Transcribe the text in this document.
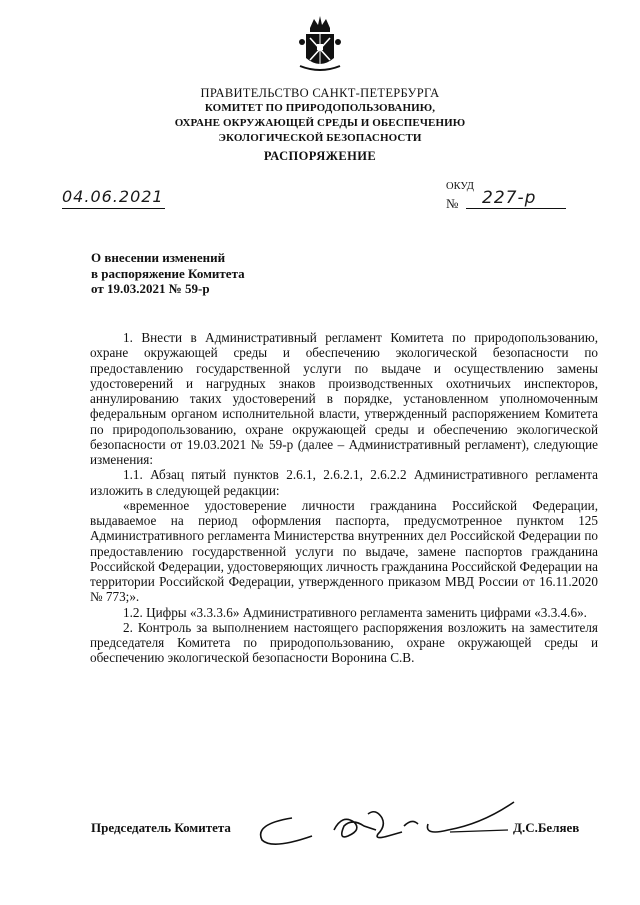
ПРАВИТЕЛЬСТВО САНКТ-ПЕТЕРБУРГА
КОМИТЕТ ПО ПРИРОДОПОЛЬЗОВАНИЮ,
ОХРАНЕ ОКРУЖАЮЩЕЙ СРЕДЫ И ОБЕСПЕЧЕНИЮ
ЭКОЛОГИЧЕСКОЙ БЕЗОПАСНОСТИ
РАСПОРЯЖЕНИЕ
04.06.2021
ОКУД
№ 227-р
О внесении изменений
в распоряжение Комитета
от 19.03.2021 № 59-р

1. Внести в Административный регламент Комитета по природопользованию, охране окружающей среды и обеспечению экологической безопасности по предоставлению государственной услуги по выдаче и осуществлению замены удостоверений и нагрудных знаков производственных охотничьих инспекторов, аннулированию таких удостоверений в порядке, установленном уполномоченным федеральным органом исполнительной власти, утвержденный распоряжением Комитета по природопользованию, охране окружающей среды и обеспечению экологической безопасности от 19.03.2021 № 59-р (далее – Административный регламент), следующие изменения:

1.1. Абзац пятый пунктов 2.6.1, 2.6.2.1, 2.6.2.2 Административного регламента изложить в следующей редакции:

«временное удостоверение личности гражданина Российской Федерации, выдаваемое на период оформления паспорта, предусмотренное пунктом 125 Административного регламента Министерства внутренних дел Российской Федерации по предоставлению государственной услуги по выдаче, замене паспортов гражданина Российской Федерации, удостоверяющих личность гражданина Российской Федерации на территории Российской Федерации, утвержденного приказом МВД России от 16.11.2020 № 773;».

1.2. Цифры «3.3.3.6» Административного регламента заменить цифрами «3.3.4.6».

2. Контроль за выполнением настоящего распоряжения возложить на заместителя председателя Комитета по природопользованию, охране окружающей среды и обеспечению экологической безопасности Воронина С.В.

Председатель Комитета	Д.С.Беляев
